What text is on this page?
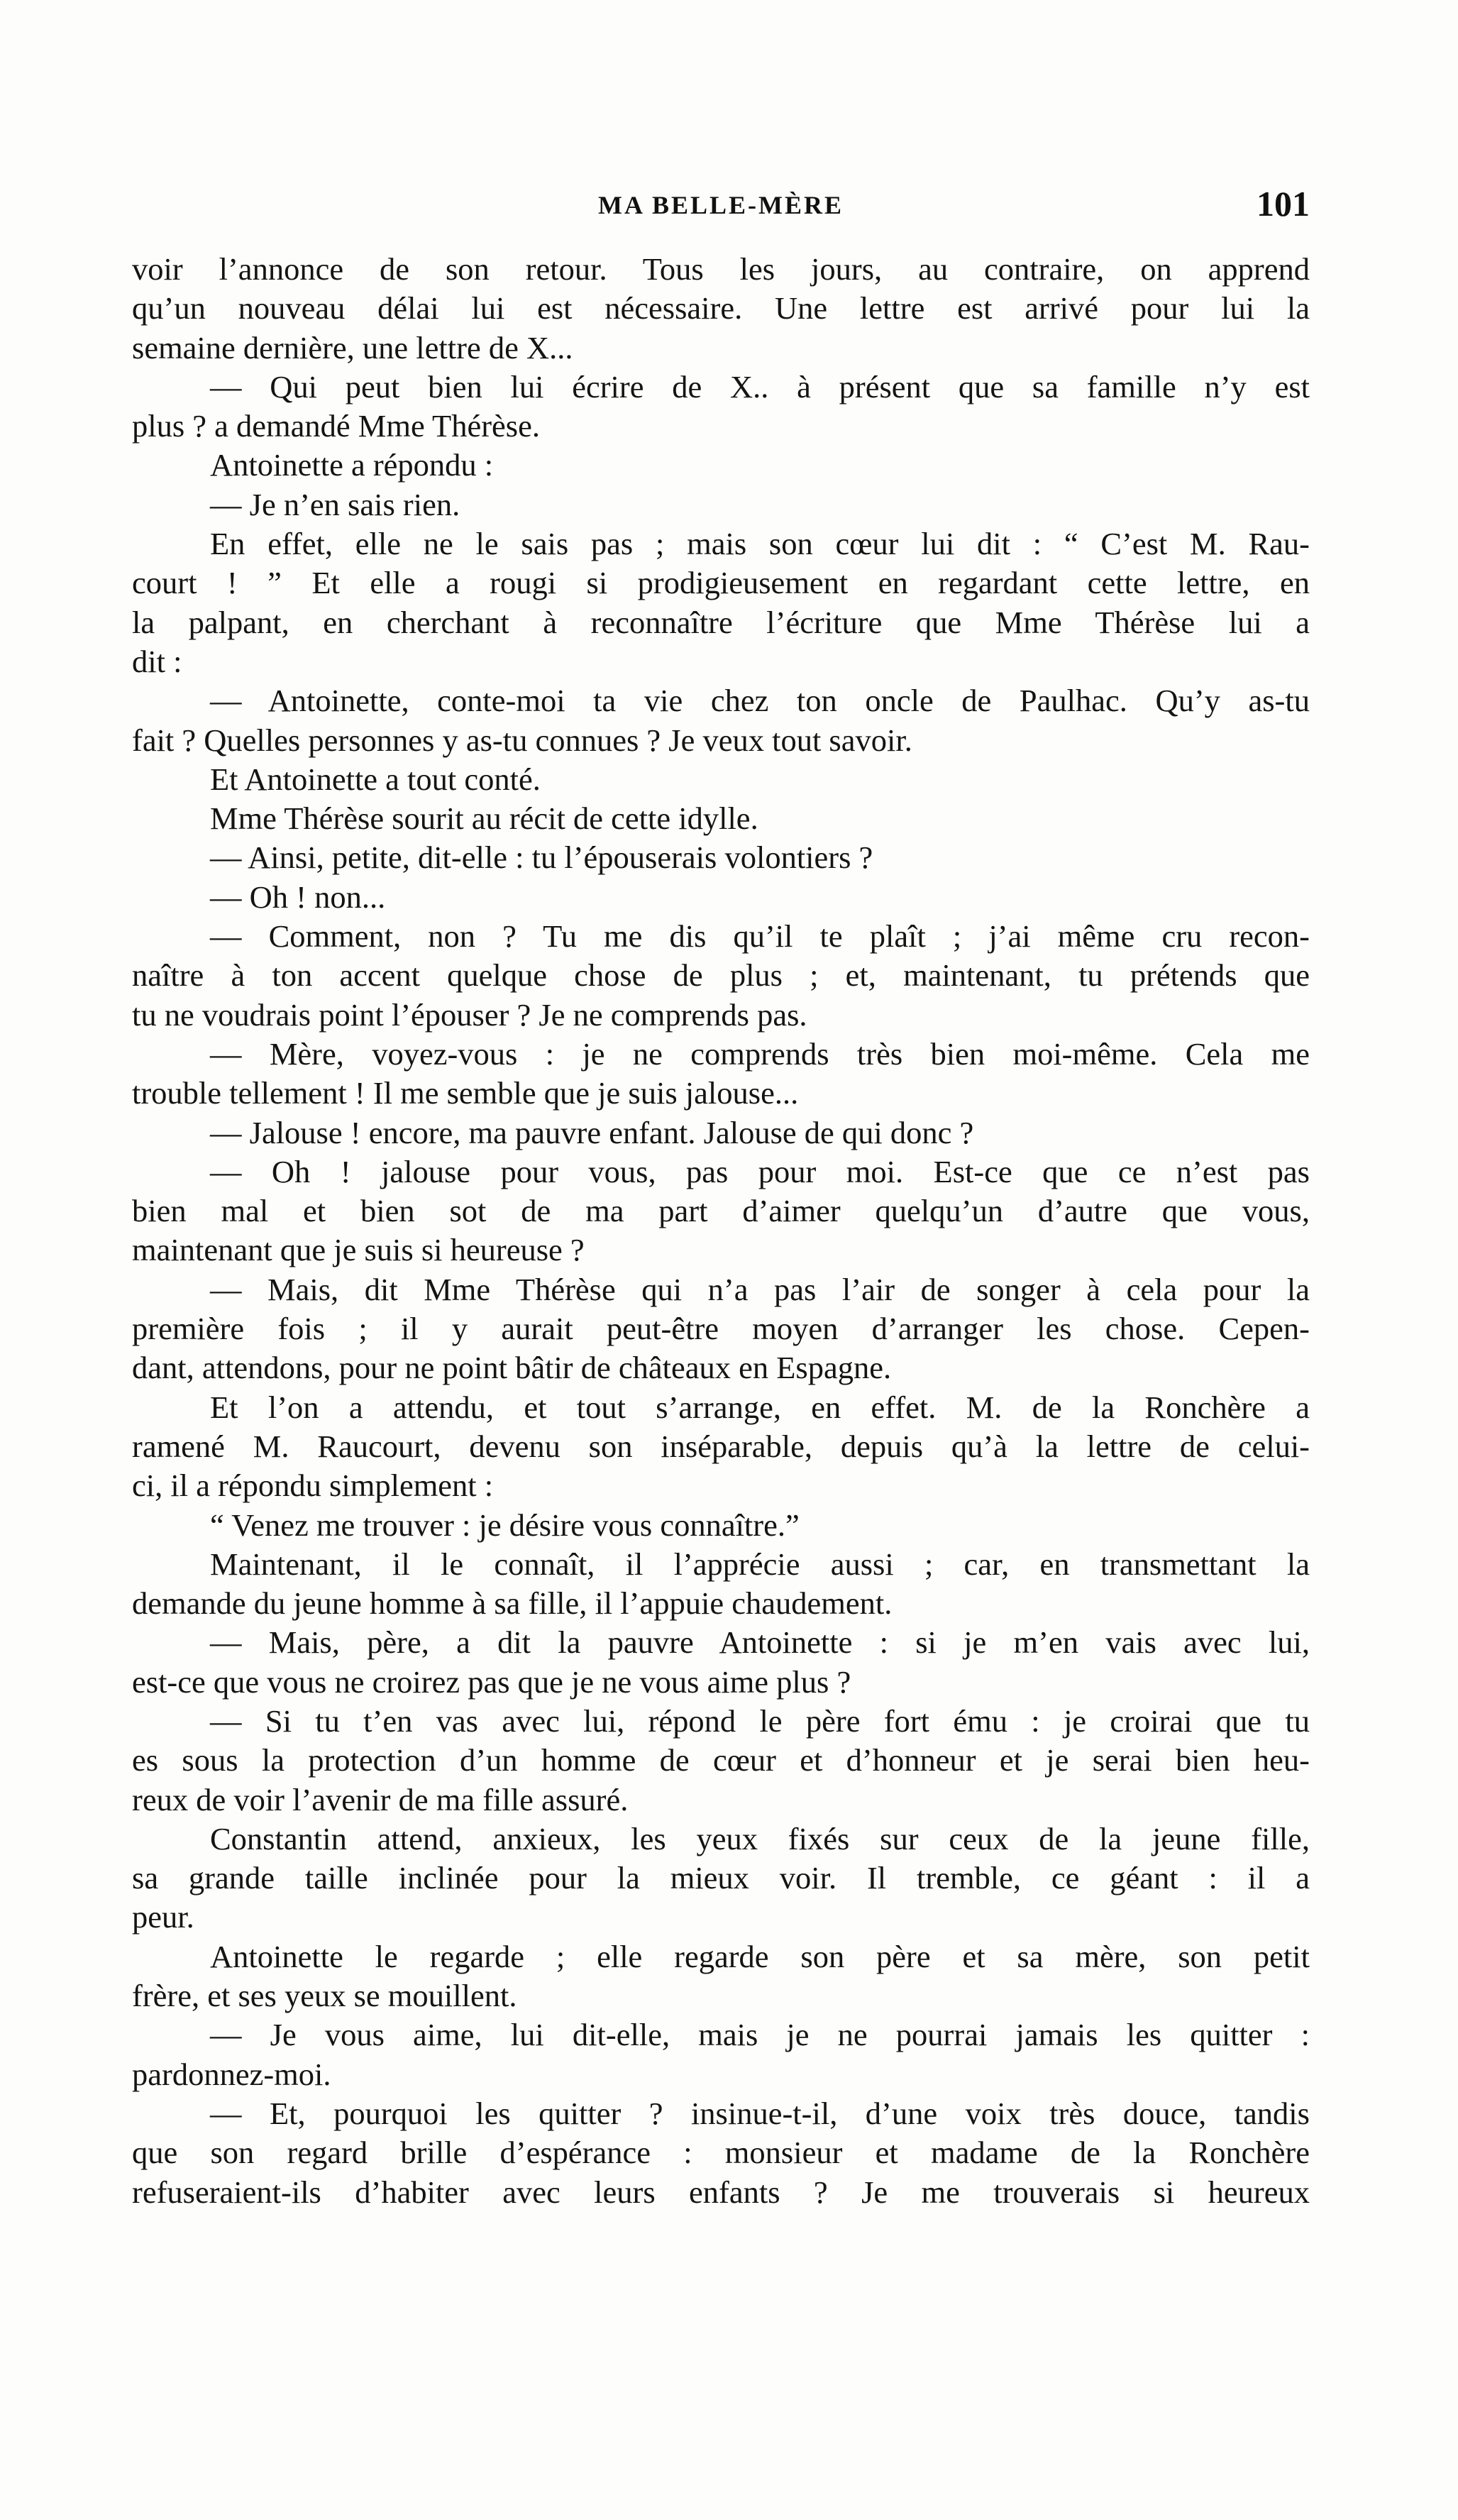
MA BELLE-MÈRE	101
voir l’annonce de son retour. Tous les jours, au contraire, on apprend
qu’un nouveau délai lui est nécessaire. Une lettre est arrivé pour lui la
semaine dernière, une lettre de X...
— Qui peut bien lui écrire de X.. à présent que sa famille n’y est
plus ? a demandé Mme Thérèse.
Antoinette a répondu :
— Je n’en sais rien.
En effet, elle ne le sais pas ; mais son cœur lui dit : “ C’est M. Rau-
court ! ” Et elle a rougi si prodigieusement en regardant cette lettre, en
la palpant, en cherchant à reconnaître l’écriture que Mme Thérèse lui a
dit :
— Antoinette, conte-moi ta vie chez ton oncle de Paulhac. Qu’y as-tu
fait ? Quelles personnes y as-tu connues ? Je veux tout savoir.
Et Antoinette a tout conté.
Mme Thérèse sourit au récit de cette idylle.
— Ainsi, petite, dit-elle : tu l’épouserais volontiers ?
— Oh ! non...
— Comment, non ? Tu me dis qu’il te plaît ; j’ai même cru recon-
naître à ton accent quelque chose de plus ; et, maintenant, tu prétends que
tu ne voudrais point l’épouser ? Je ne comprends pas.
— Mère, voyez-vous : je ne comprends très bien moi-même. Cela me
trouble tellement ! Il me semble que je suis jalouse...
— Jalouse ! encore, ma pauvre enfant. Jalouse de qui donc ?
— Oh ! jalouse pour vous, pas pour moi. Est-ce que ce n’est pas
bien mal et bien sot de ma part d’aimer quelqu’un d’autre que vous,
maintenant que je suis si heureuse ?
— Mais, dit Mme Thérèse qui n’a pas l’air de songer à cela pour la
première fois ; il y aurait peut-être moyen d’arranger les chose. Cepen-
dant, attendons, pour ne point bâtir de châteaux en Espagne.
Et l’on a attendu, et tout s’arrange, en effet. M. de la Ronchère a
ramené M. Raucourt, devenu son inséparable, depuis qu’à la lettre de celui-
ci, il a répondu simplement :
“ Venez me trouver : je désire vous connaître.”
Maintenant, il le connaît, il l’apprécie aussi ; car, en transmettant la
demande du jeune homme à sa fille, il l’appuie chaudement.
— Mais, père, a dit la pauvre Antoinette : si je m’en vais avec lui,
est-ce que vous ne croirez pas que je ne vous aime plus ?
— Si tu t’en vas avec lui, répond le père fort ému : je croirai que tu
es sous la protection d’un homme de cœur et d’honneur et je serai bien heu-
reux de voir l’avenir de ma fille assuré.
Constantin attend, anxieux, les yeux fixés sur ceux de la jeune fille,
sa grande taille inclinée pour la mieux voir. Il tremble, ce géant : il a
peur.
Antoinette le regarde ; elle regarde son père et sa mère, son petit
frère, et ses yeux se mouillent.
— Je vous aime, lui dit-elle, mais je ne pourrai jamais les quitter :
pardonnez-moi.
— Et, pourquoi les quitter ? insinue-t-il, d’une voix très douce, tandis
que son regard brille d’espérance : monsieur et madame de la Ronchère
refuseraient-ils d’habiter avec leurs enfants ? Je me trouverais si heureux
